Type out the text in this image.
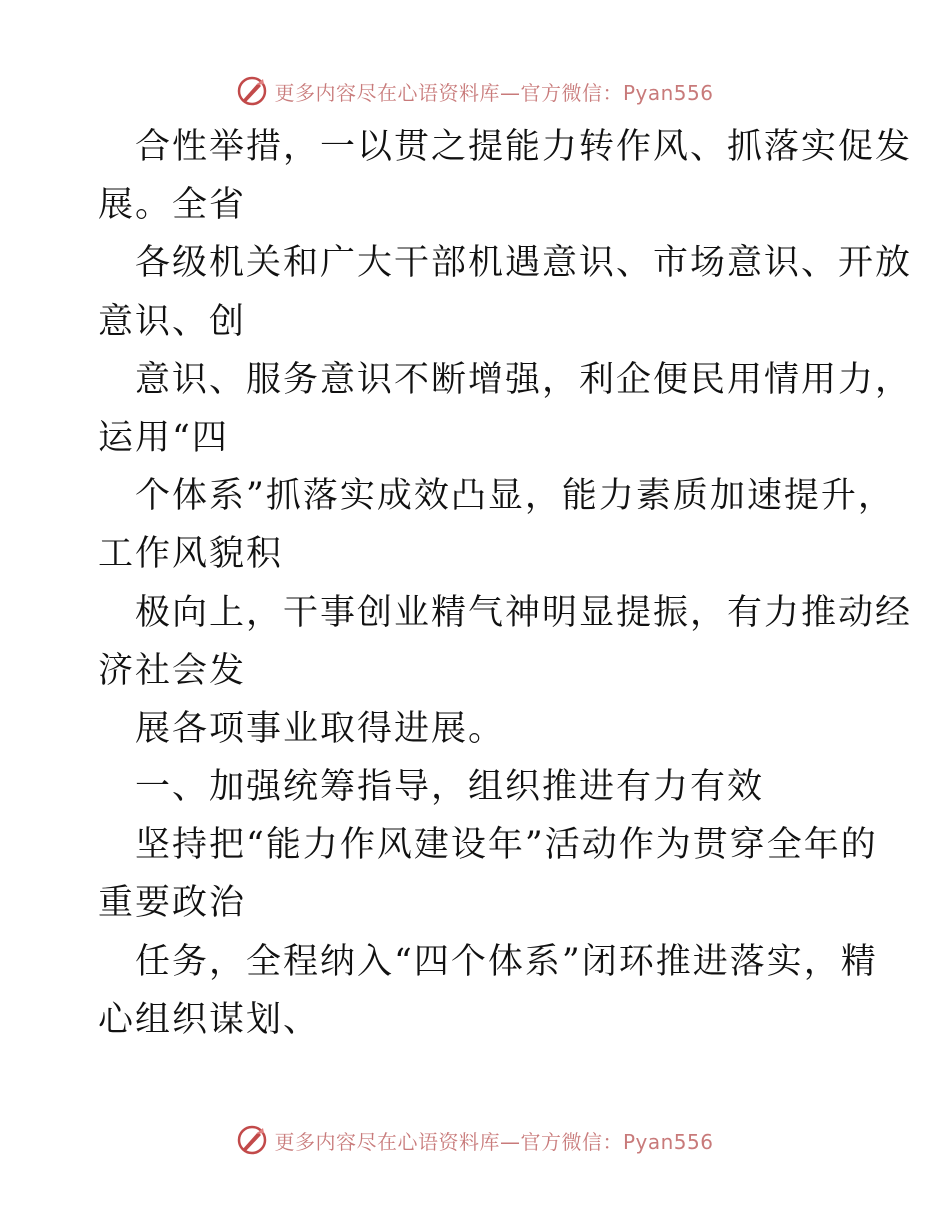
更多内容尽在心语资料库—官方微信：Pyan556
合性举措，一以贯之提能力转作风、抓落实促发
展。全省
各级机关和广大干部机遇意识、市场意识、开放
意识、创
意识、服务意识不断增强，利企便民用情用力，
运用“四
个体系”抓落实成效凸显，能力素质加速提升，
工作风貌积
极向上，干事创业精气神明显提振，有力推动经
济社会发
展各项事业取得进展。
一、加强统筹指导，组织推进有力有效
坚持把“能力作风建设年”活动作为贯穿全年的
重要政治
任务，全程纳入“四个体系”闭环推进落实，精
心组织谋划、
更多内容尽在心语资料库—官方微信：Pyan556
